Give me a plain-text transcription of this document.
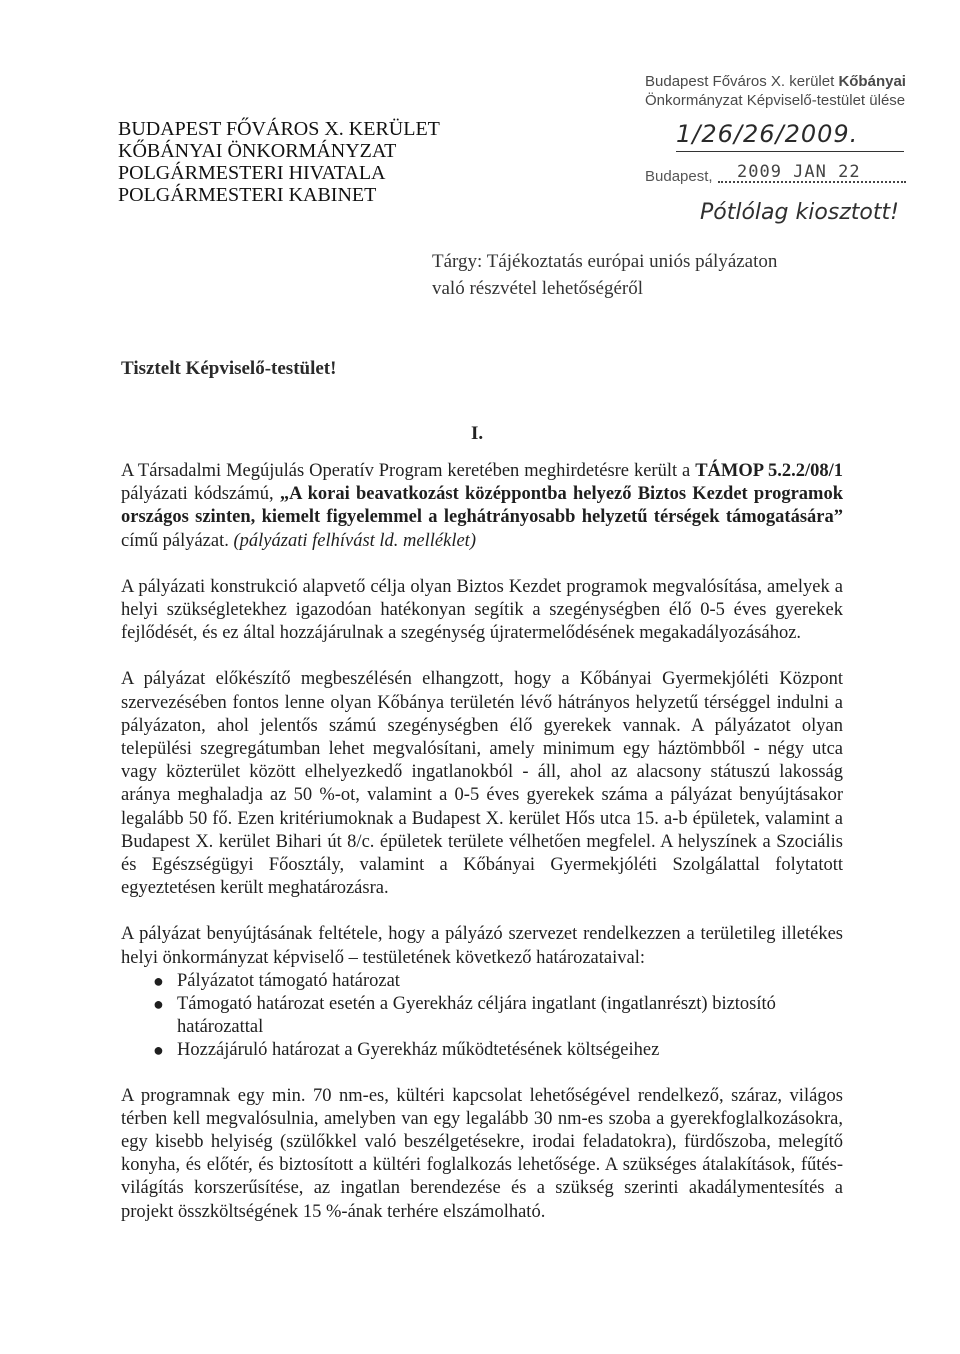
BUDAPEST FŐVÁROS X. KERÜLET
KŐBÁNYAI ÖNKORMÁNYZAT
POLGÁRMESTERI HIVATALA
POLGÁRMESTERI KABINET
Budapest Főváros X. kerület Kőbányai
Önkormányzat Képviselő-testület ülése
1/26/26/2009.
Budapest, 2009 JAN 22
Pótlólag kiosztott!
Tárgy: Tájékoztatás európai uniós pályázaton
való részvétel lehetőségéről
Tisztelt Képviselő-testület!
I.

A Társadalmi Megújulás Operatív Program keretében meghirdetésre került a TÁMOP 5.2.2/08/1 pályázati kódszámú, „A korai beavatkozást középpontba helyező Biztos Kezdet programok országos szinten, kiemelt figyelemmel a leghátrányosabb helyzetű térségek támogatására” című pályázat. (pályázati felhívást ld. melléklet)

A pályázati konstrukció alapvető célja olyan Biztos Kezdet programok megvalósítása, amelyek a helyi szükségletekhez igazodóan hatékonyan segítik a szegénységben élő 0-5 éves gyerekek fejlődését, és ez által hozzájárulnak a szegénység újratermelődésének megakadályozásához.

A pályázat előkészítő megbeszélésén elhangzott, hogy a Kőbányai Gyermekjóléti Központ szervezésében fontos lenne olyan Kőbánya területén lévő hátrányos helyzetű térséggel indulni a pályázaton, ahol jelentős számú szegénységben élő gyerekek vannak. A pályázatot olyan települési szegregátumban lehet megvalósítani, amely minimum egy háztömbből - négy utca vagy közterület között elhelyezkedő ingatlanokból - áll, ahol az alacsony státuszú lakosság aránya meghaladja az 50 %-ot, valamint a 0-5 éves gyerekek száma a pályázat benyújtásakor legalább 50 fő. Ezen kritériumoknak a Budapest X. kerület Hős utca 15. a-b épületek, valamint a Budapest X. kerület Bihari út 8/c. épületek területe vélhetően megfelel. A helyszínek a Szociális és Egészségügyi Főosztály, valamint a Kőbányai Gyermekjóléti Szolgálattal folytatott egyeztetésen került meghatározásra.

A pályázat benyújtásának feltétele, hogy a pályázó szervezet rendelkezzen a területileg illetékes helyi önkormányzat képviselő – testületének következő határozataival:

● Pályázatot támogató határozat
● Támogató határozat esetén a Gyerekház céljára ingatlant (ingatlanrészt) biztosító határozattal
● Hozzájáruló határozat a Gyerekház működtetésének költségeihez

A programnak egy min. 70 nm-es, kültéri kapcsolat lehetőségével rendelkező, száraz, világos térben kell megvalósulnia, amelyben van egy legalább 30 nm-es szoba a gyerekfoglalkozásokra, egy kisebb helyiség (szülőkkel való beszélgetésekre, irodai feladatokra), fürdőszoba, melegítő konyha, és előtér, és biztosított a kültéri foglalkozás lehetősége. A szükséges átalakítások, fűtés-világítás korszerűsítése, az ingatlan berendezése és a szükség szerinti akadálymentesítés a projekt összköltségének 15 %-ának terhére elszámolható.
